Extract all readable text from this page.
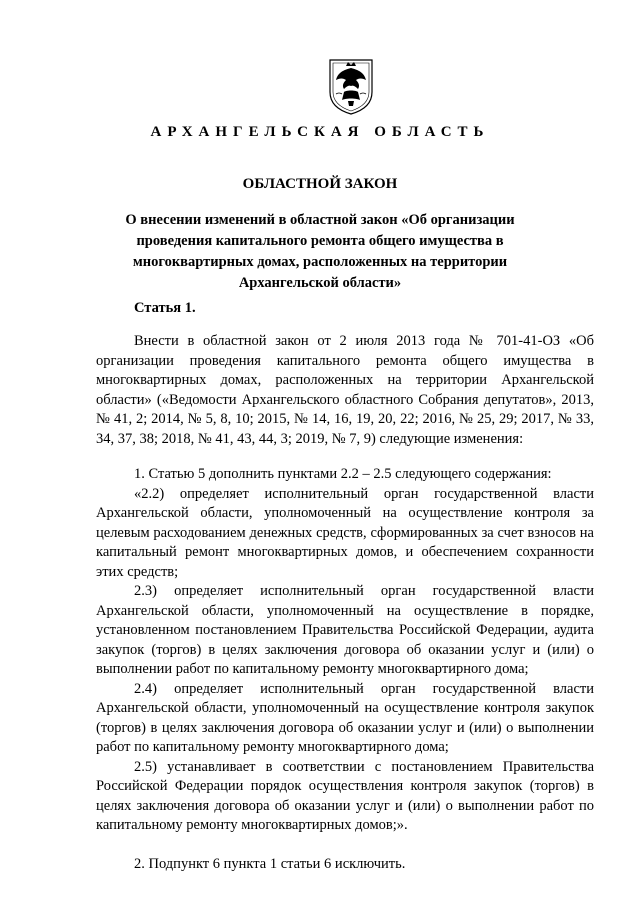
АРХАНГЕЛЬСКАЯ ОБЛАСТЬ
ОБЛАСТНОЙ ЗАКОН
О внесении изменений в областной закон «Об организации проведения капитального ремонта общего имущества в многоквартирных домах, расположенных на территории Архангельской области»
Статья 1.

Внести в областной закон от 2 июля 2013 года № 701-41-ОЗ «Об организации проведения капитального ремонта общего имущества в многоквартирных домах, расположенных на территории Архангельской области» («Ведомости Архангельского областного Собрания депутатов», 2013, № 41, 2; 2014, № 5, 8, 10; 2015, № 14, 16, 19, 20, 22; 2016, № 25, 29; 2017, № 33, 34, 37, 38; 2018, № 41, 43, 44, 3; 2019, № 7, 9) следующие изменения:

1. Статью 5 дополнить пунктами 2.2 – 2.5 следующего содержания:

«2.2) определяет исполнительный орган государственной власти Архангельской области, уполномоченный на осуществление контроля за целевым расходованием денежных средств, сформированных за счет взносов на капитальный ремонт многоквартирных домов, и обеспечением сохранности этих средств;

2.3) определяет исполнительный орган государственной власти Архангельской области, уполномоченный на осуществление в порядке, установленном постановлением Правительства Российской Федерации, аудита закупок (торгов) в целях заключения договора об оказании услуг и (или) о выполнении работ по капитальному ремонту многоквартирного дома;

2.4) определяет исполнительный орган государственной власти Архангельской области, уполномоченный на осуществление контроля закупок (торгов) в целях заключения договора об оказании услуг и (или) о выполнении работ по капитальному ремонту многоквартирного дома;

2.5) устанавливает в соответствии с постановлением Правительства Российской Федерации порядок осуществления контроля закупок (торгов) в целях заключения договора об оказании услуг и (или) о выполнении работ по капитальному ремонту многоквартирных домов;».

2. Подпункт 6 пункта 1 статьи 6 исключить.
